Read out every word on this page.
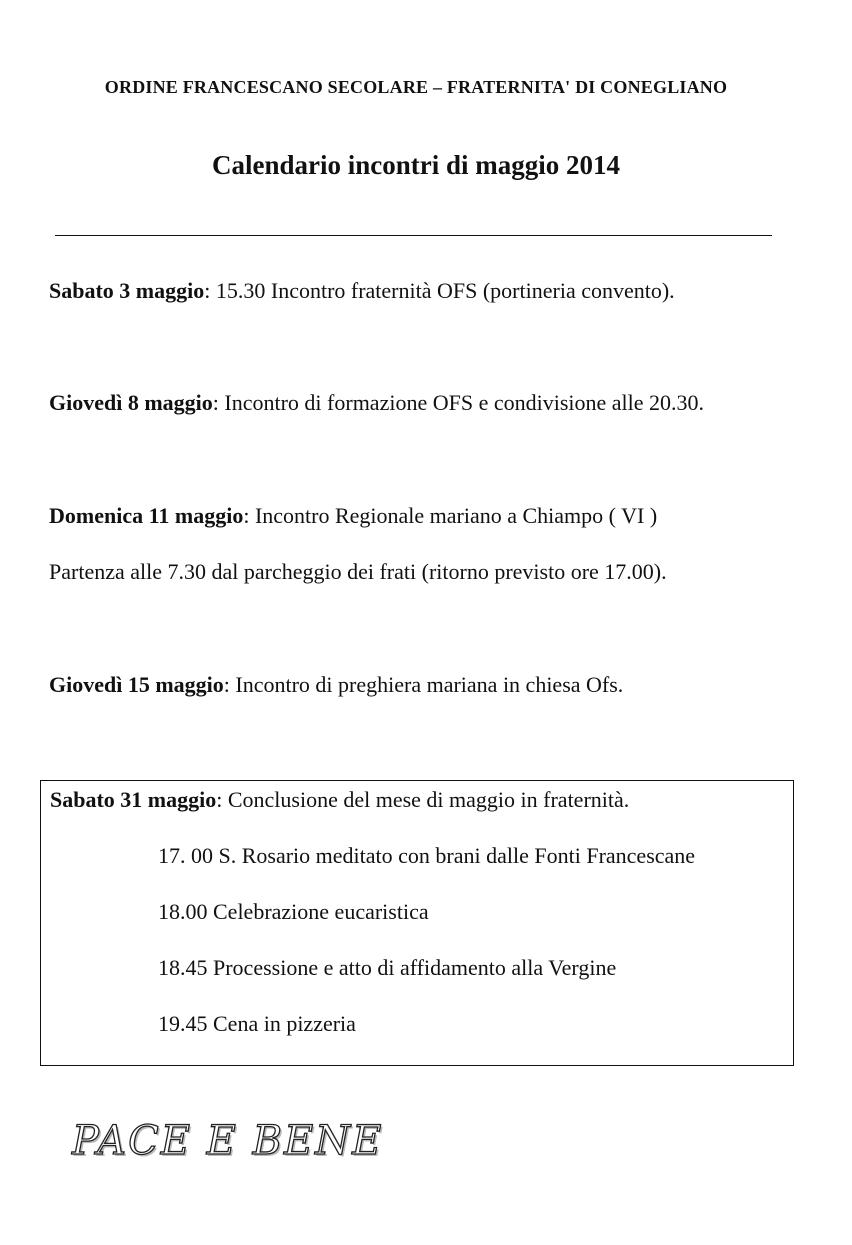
ORDINE FRANCESCANO SECOLARE – FRATERNITA' DI CONEGLIANO
Calendario incontri di maggio 2014
Sabato 3 maggio: 15.30 Incontro fraternità OFS (portineria convento).
Giovedì 8 maggio: Incontro di formazione OFS e condivisione alle 20.30.
Domenica 11 maggio: Incontro Regionale mariano a Chiampo ( VI )
Partenza alle 7.30 dal parcheggio dei frati (ritorno previsto ore 17.00).
Giovedì 15 maggio: Incontro di preghiera mariana in chiesa Ofs.
Sabato 31 maggio: Conclusione del mese di maggio in fraternità.
17. 00 S. Rosario meditato con brani dalle Fonti Francescane
18.00 Celebrazione eucaristica
18.45 Processione e atto di affidamento alla Vergine
19.45 Cena in pizzeria
PACE E BENE
